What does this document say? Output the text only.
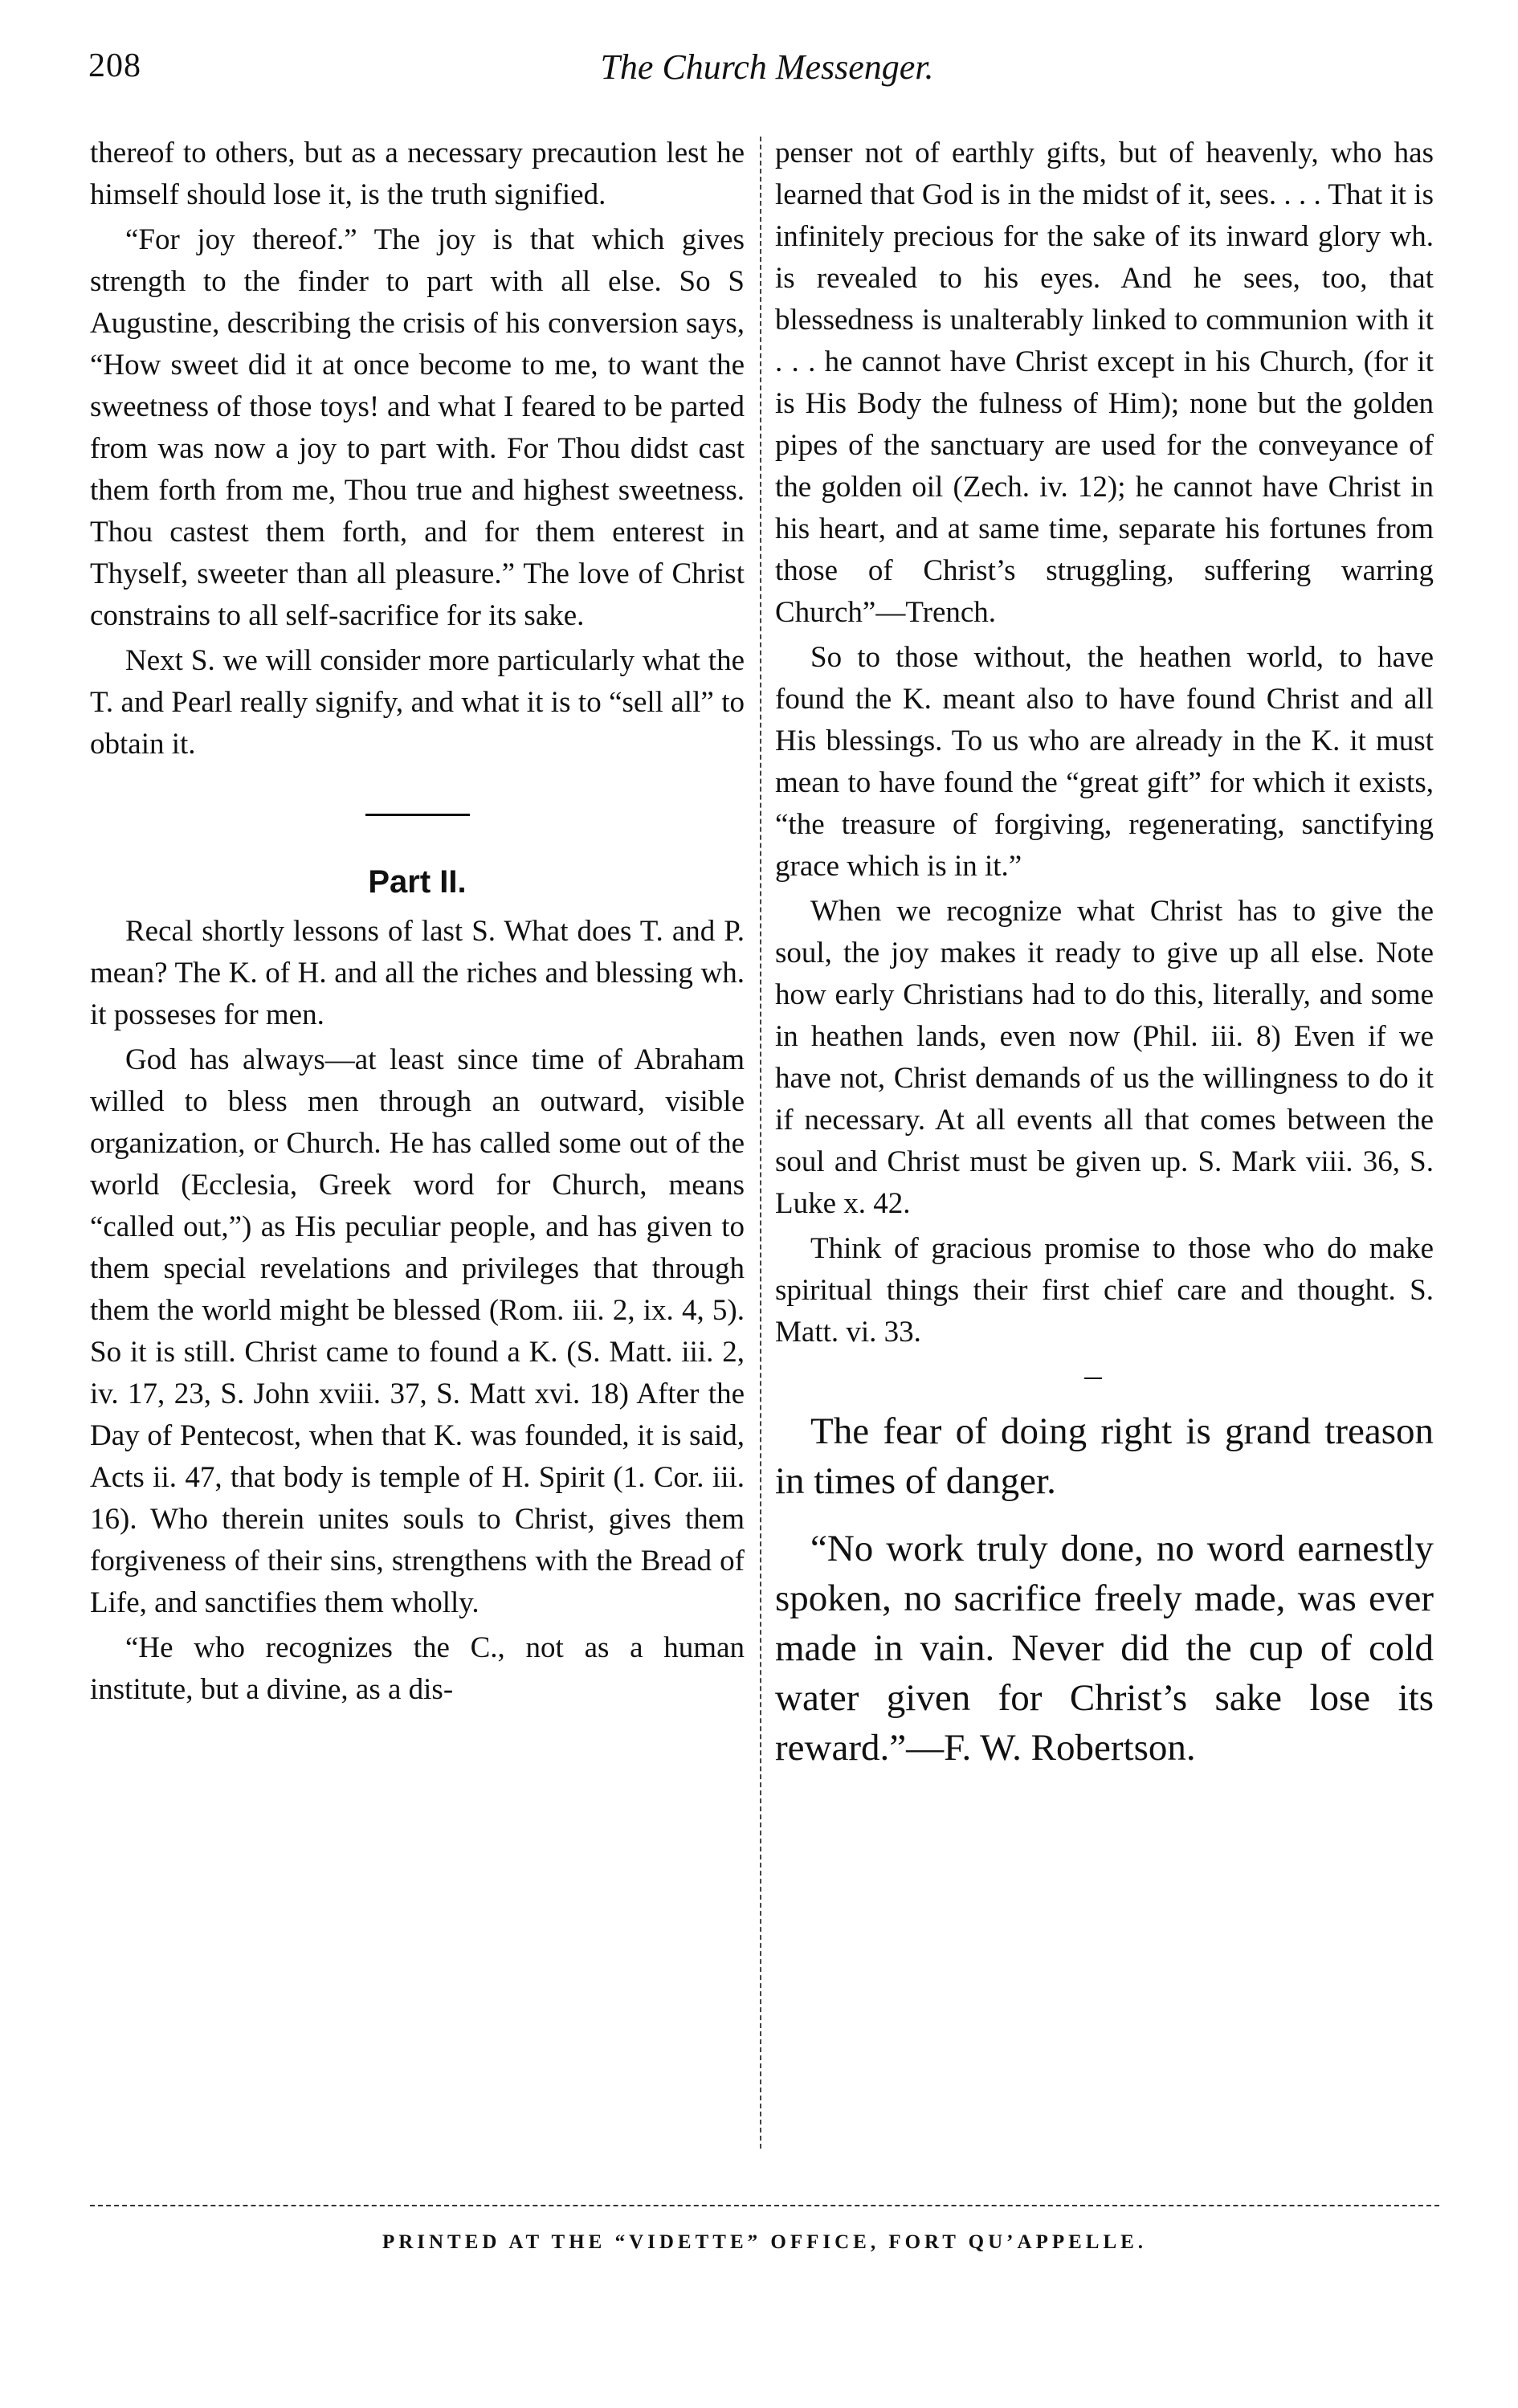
208	The Church Messenger.

thereof to others, but as a necessary precaution lest he himself should lose it, is the truth signified.

“For joy thereof.” The joy is that which gives strength to the finder to part with all else. So S Augustine, describing the crisis of his conversion says, “How sweet did it at once become to me, to want the sweetness of those toys! and what I feared to be parted from was now a joy to part with. For Thou didst cast them forth from me, Thou true and highest sweetness. Thou castest them forth, and for them enterest in Thyself, sweeter than all pleasure.” The love of Christ constrains to all self-sacrifice for its sake.

Next S. we will consider more particularly what the T. and Pearl really signify, and what it is to “sell all” to obtain it.

Part II.

Recal shortly lessons of last S. What does T. and P. mean? The K. of H. and all the riches and blessing wh. it posseses for men.

God has always—at least since time of Abraham willed to bless men through an outward, visible organization, or Church. He has called some out of the world (Ecclesia, Greek word for Church, means “called out,”) as His peculiar people, and has given to them special revelations and privileges that through them the world might be blessed (Rom. iii. 2, ix. 4, 5). So it is still. Christ came to found a K. (S. Matt. iii. 2, iv. 17, 23, S. John xviii. 37, S. Matt xvi. 18) After the Day of Pentecost, when that K. was founded, it is said, Acts ii. 47, that body is temple of H. Spirit (1. Cor. iii. 16). Who therein unites souls to Christ, gives them forgiveness of their sins, strengthens with the Bread of Life, and sanctifies them wholly.

“He who recognizes the C., not as a human institute, but a divine, as a dis-

penser not of earthly gifts, but of heavenly, who has learned that God is in the midst of it, sees. . . . That it is infinitely precious for the sake of its inward glory wh. is revealed to his eyes. And he sees, too, that blessedness is unalterably linked to communion with it . . . he cannot have Christ except in his Church, (for it is His Body the fulness of Him); none but the golden pipes of the sanctuary are used for the conveyance of the golden oil (Zech. iv. 12); he cannot have Christ in his heart, and at same time, separate his fortunes from those of Christ’s struggling, suffering warring Church”—Trench.

So to those without, the heathen world, to have found the K. meant also to have found Christ and all His blessings. To us who are already in the K. it must mean to have found the “great gift” for which it exists, “the treasure of forgiving, regenerating, sanctifying grace which is in it.”

When we recognize what Christ has to give the soul, the joy makes it ready to give up all else. Note how early Christians had to do this, literally, and some in heathen lands, even now (Phil. iii. 8) Even if we have not, Christ demands of us the willingness to do it if necessary. At all events all that comes between the soul and Christ must be given up. S. Mark viii. 36, S. Luke x. 42.

Think of gracious promise to those who do make spiritual things their first chief care and thought. S. Matt. vi. 33.

The fear of doing right is grand treason in times of danger.

“No work truly done, no word earnestly spoken, no sacrifice freely made, was ever made in vain. Never did the cup of cold water given for Christ’s sake lose its reward.”—F. W. Robertson.

PRINTED AT THE “VIDETTE” OFFICE, FORT QU’APPELLE.
